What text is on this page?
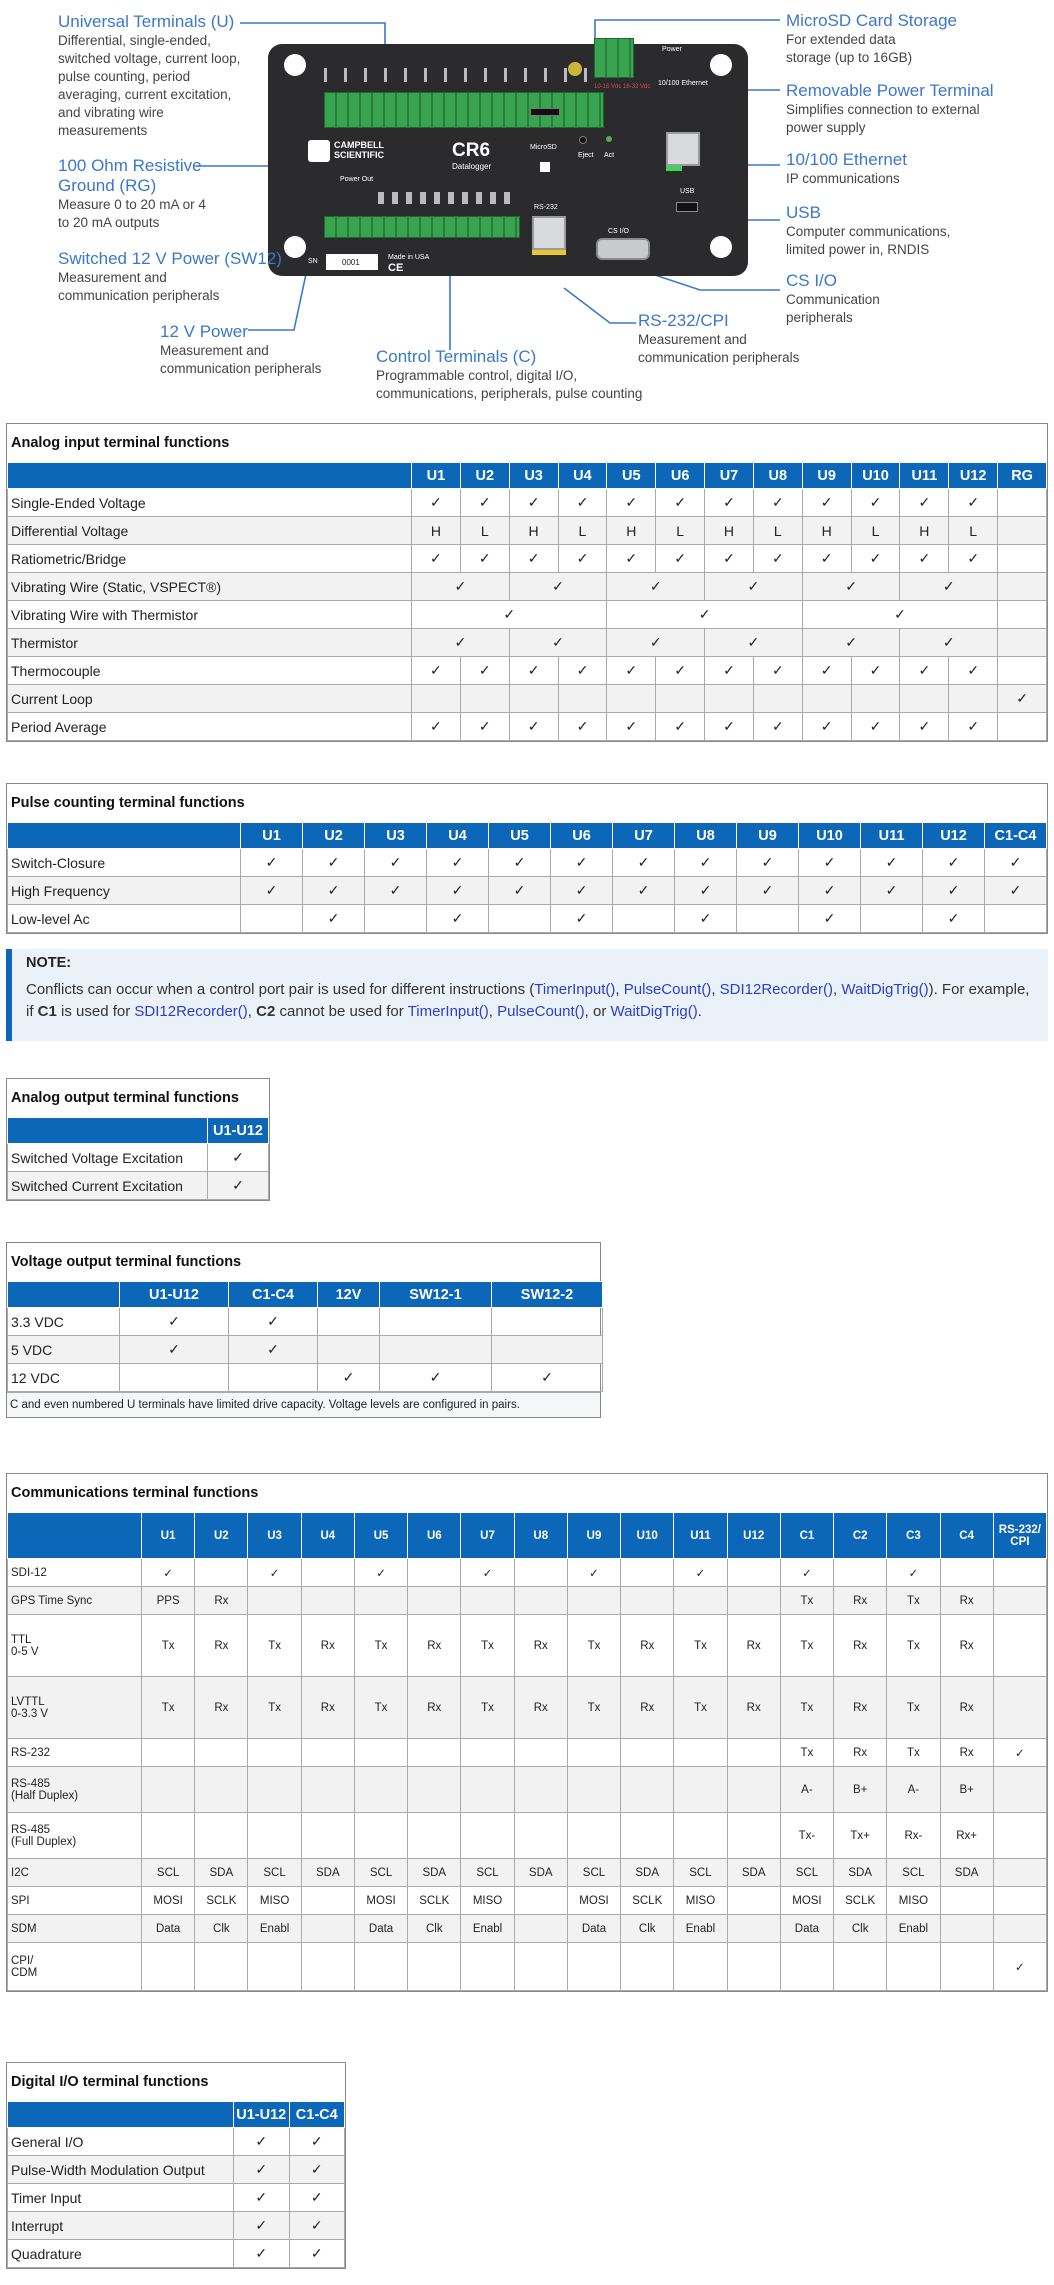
BAT+ CHG+
10-16 Vdc 16-32 Vdc
Power
CAMPBELL
SCIENTIFIC	CR6
Datalogger
Power Out
0001
SN
Made in USA
CE
RS-232
CS I/O
MicroSD
Eject Act
10/100 Ethernet
USB
Universal Terminals (U)
Differential, single-ended,
switched voltage, current loop,
pulse counting, period
averaging, current excitation,
and vibrating wire
measurements
100 Ohm Resistive
Ground (RG)
Measure 0 to 20 mA or 4
to 20 mA outputs
Switched 12 V Power (SW12)
Measurement and
communication peripherals
12 V Power
Measurement and
communication peripherals
Control Terminals (C)
Programmable control, digital I/O,
communications, peripherals, pulse counting
RS-232/CPI
Measurement and
communication peripherals
CS I/O
Communication
peripherals
USB
Computer communications,
limited power in, RNDIS
10/100 Ethernet
IP communications
Removable Power Terminal
Simplifies connection to external
power supply
MicroSD Card Storage
For extended data
storage (up to 16GB)
Analog input terminal functions
	U1	U2	U3	U4	U5	U6	U7	U8	U9	U10	U11	U12	RG
Single-Ended Voltage	✓	✓	✓	✓	✓	✓	✓	✓	✓	✓	✓	✓	
Differential Voltage	H	L	H	L	H	L	H	L	H	L	H	L	
Ratiometric/Bridge	✓	✓	✓	✓	✓	✓	✓	✓	✓	✓	✓	✓	
Vibrating Wire (Static, VSPECT®)	✓		✓		✓		✓		✓		✓		
Vibrating Wire with Thermistor	✓				✓				✓				
Thermistor	✓		✓		✓		✓		✓		✓		
Thermocouple	✓	✓	✓	✓	✓	✓	✓	✓	✓	✓	✓	✓	
Current Loop													✓
Period Average	✓	✓	✓	✓	✓	✓	✓	✓	✓	✓	✓	✓	
Pulse counting terminal functions
	U1	U2	U3	U4	U5	U6	U7	U8	U9	U10	U11	U12	C1-C4
Switch-Closure	✓	✓	✓	✓	✓	✓	✓	✓	✓	✓	✓	✓	✓
High Frequency	✓	✓	✓	✓	✓	✓	✓	✓	✓	✓	✓	✓	✓
Low-level Ac		✓		✓		✓		✓		✓		✓	
NOTE:
Conflicts can occur when a control port pair is used for different instructions (TimerInput(), PulseCount(), SDI12Recorder(), WaitDigTrig()). For example, if C1 is used for SDI12Recorder(), C2 cannot be used for TimerInput(), PulseCount(), or WaitDigTrig().
Analog output terminal functions
	U1-U12
Switched Voltage Excitation	✓
Switched Current Excitation	✓
Voltage output terminal functions
	U1-U12	C1-C4	12V	SW12-1	SW12-2
3.3 VDC	✓	✓			
5 VDC	✓	✓			
12 VDC			✓	✓	✓
C and even numbered U terminals have limited drive capacity. Voltage levels are configured in pairs.
Communications terminal functions
	U1	U2	U3	U4	U5	U6	U7	U8	U9	U10	U11	U12	C1	C2	C3	C4	RS-232/ CPI

SDI-12	✓		✓		✓		✓		✓		✓		✓		✓		

GPS Time Sync	PPS	Rx											Tx	Rx	Tx	Rx	

TTL
0-5 V	Tx	Rx	Tx	Rx	Tx	Rx	Tx	Rx	Tx	Rx	Tx	Rx	Tx	Rx	Tx	Rx	

LVTTL
0-3.3 V	Tx	Rx	Tx	Rx	Tx	Rx	Tx	Rx	Tx	Rx	Tx	Rx	Tx	Rx	Tx	Rx	

RS-232													Tx	Rx	Tx	Rx	✓

RS-485
(Half Duplex)													A-	B+	A-	B+	

RS-485
(Full Duplex)													Tx-	Tx+	Rx-	Rx+	

I2C	SCL	SDA	SCL	SDA	SCL	SDA	SCL	SDA	SCL	SDA	SCL	SDA	SCL	SDA	SCL	SDA	

SPI	MOSI	SCLK	MISO		MOSI	SCLK	MISO		MOSI	SCLK	MISO		MOSI	SCLK	MISO		

SDM	Data	Clk	Enabl		Data	Clk	Enabl		Data	Clk	Enabl		Data	Clk	Enabl		

CPI/
CDM																	✓
Digital I/O terminal functions
	U1-U12	C1-C4
General I/O	✓	✓
Pulse-Width Modulation Output	✓	✓
Timer Input	✓	✓
Interrupt	✓	✓
Quadrature	✓	✓
